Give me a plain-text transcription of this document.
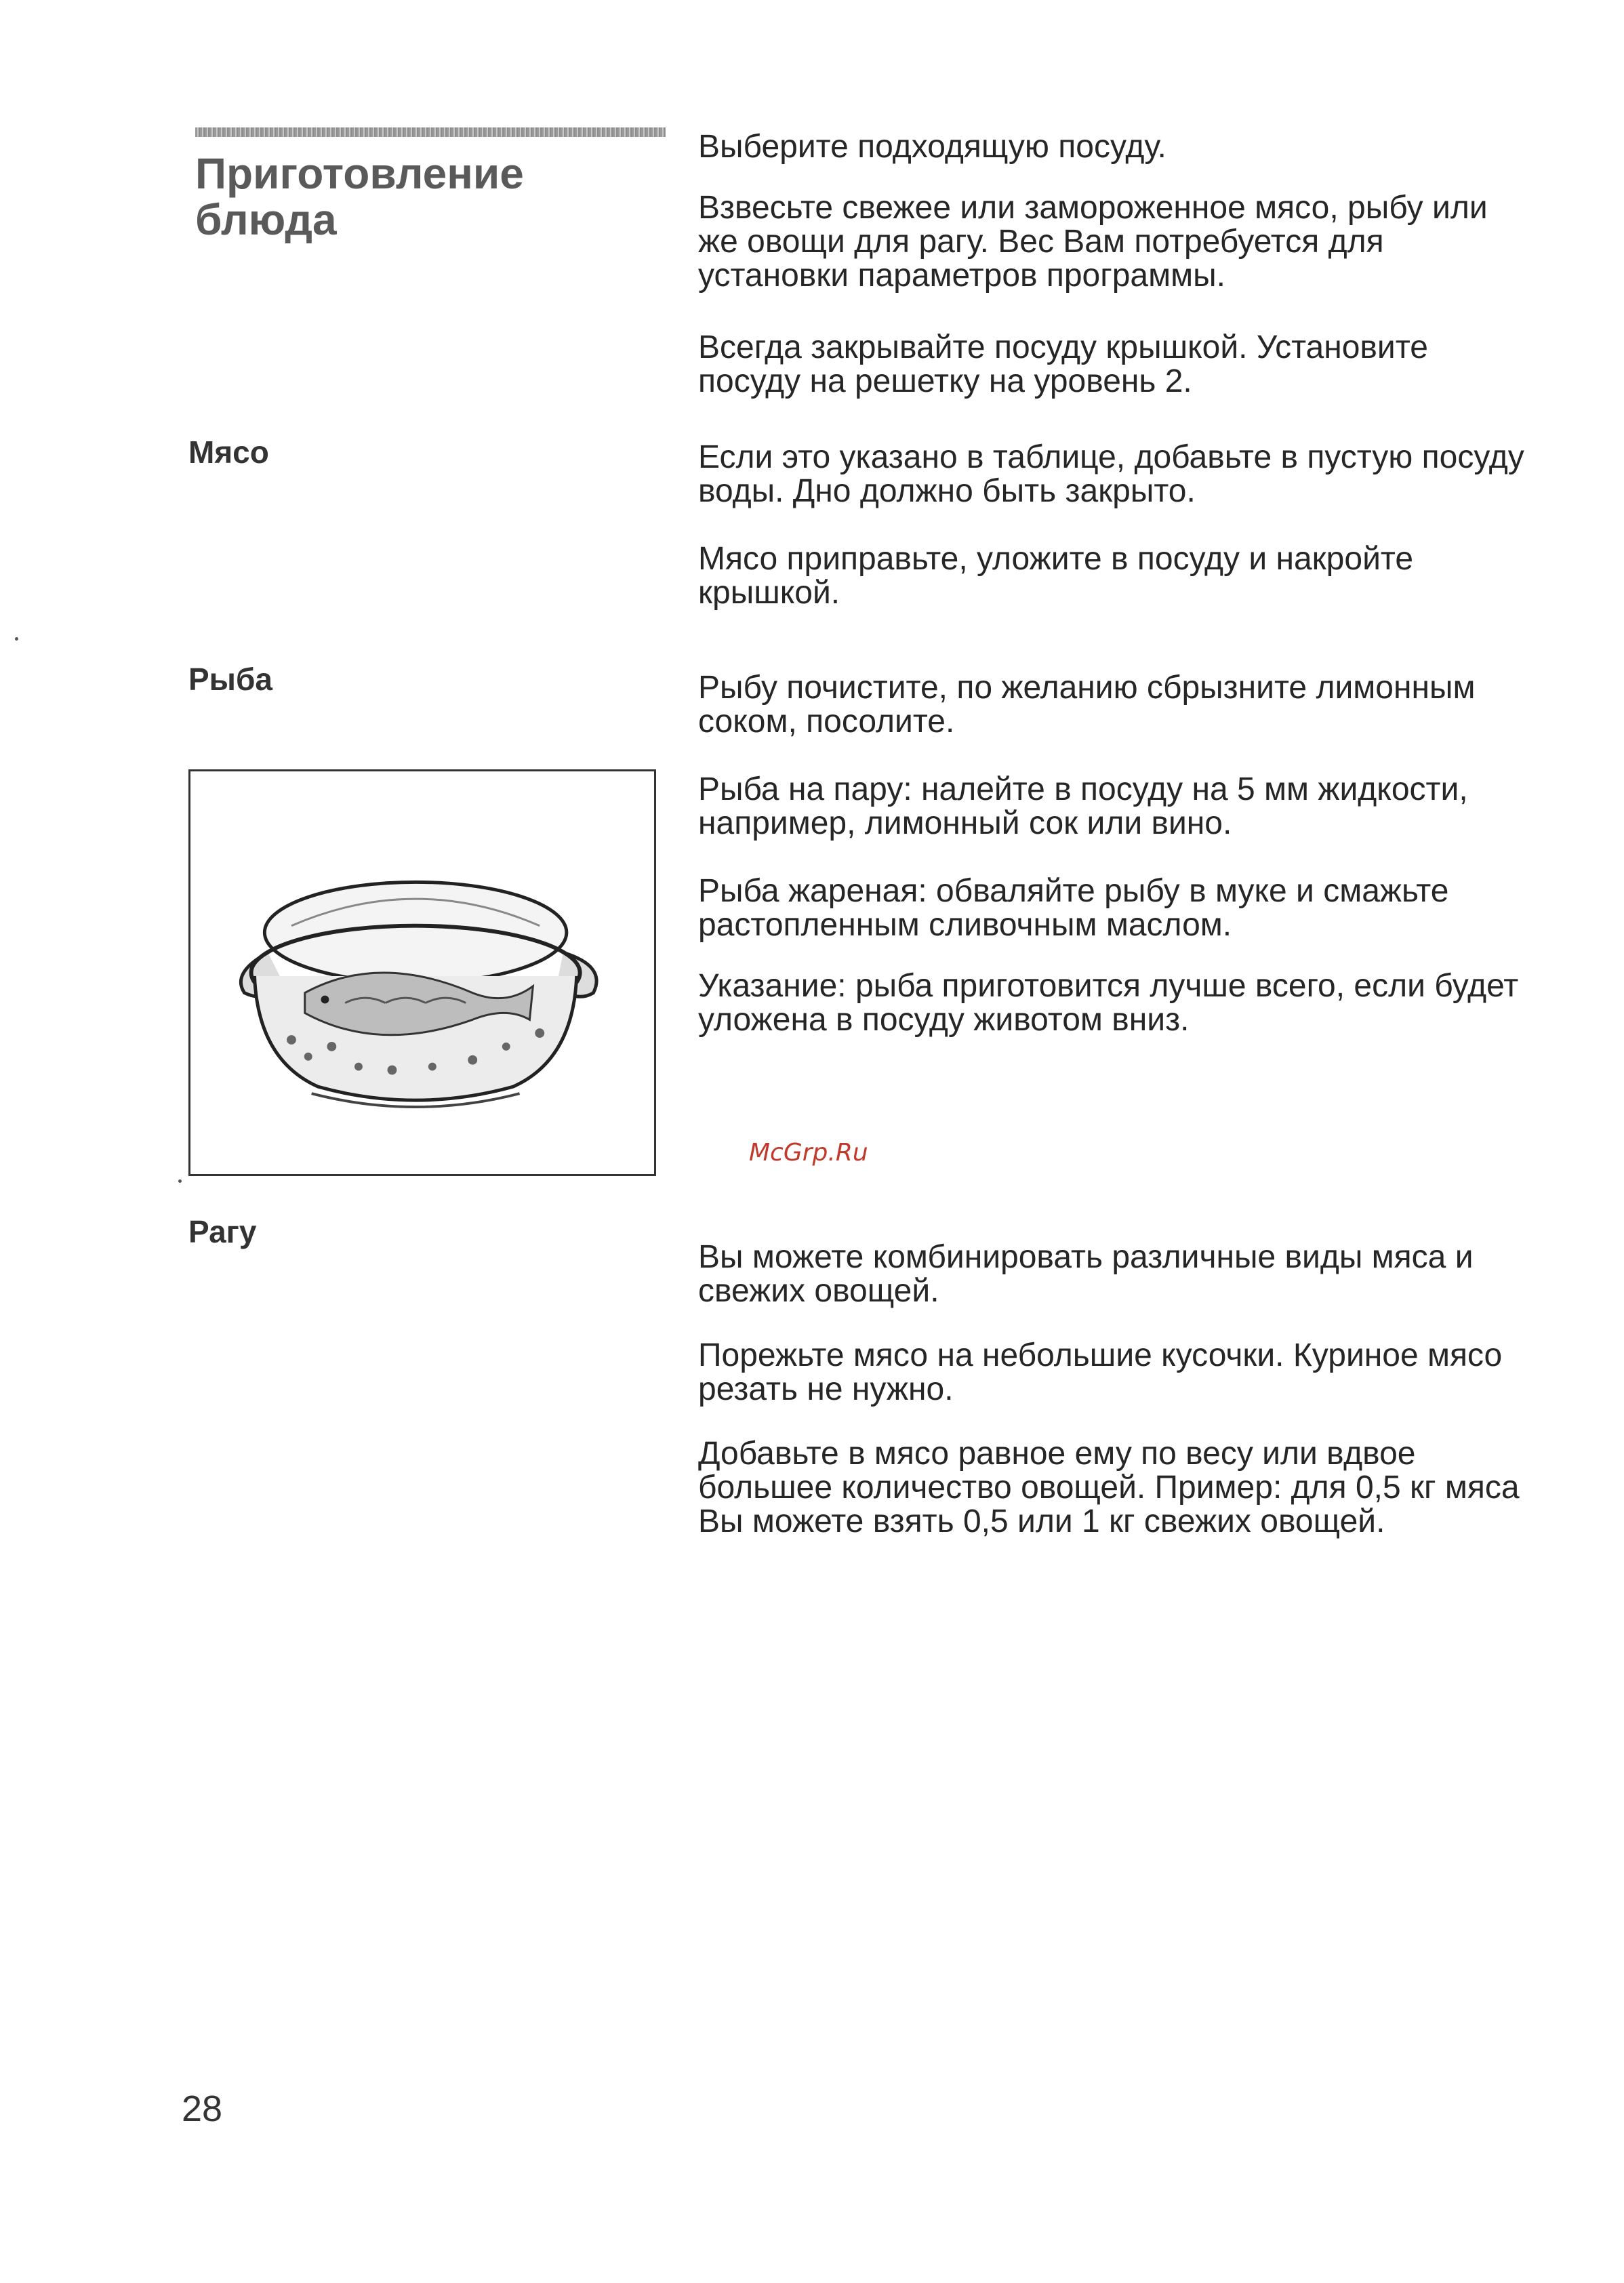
Приготовление блюда
Мясо
Рыба
Рагу

Выберите подходящую посуду.

Взвесьте свежее или замороженное мясо, рыбу или же овощи для рагу. Вес Вам потребуется для установки параметров программы.

Всегда закрывайте посуду крышкой. Установите посуду на решетку на уровень 2.

Если это указано в таблице, добавьте в пустую посуду воды. Дно должно быть закрыто.

Мясо приправьте, уложите в посуду и накройте крышкой.

Рыбу почистите, по желанию сбрызните лимонным соком, посолите.

Рыба на пару: налейте в посуду на 5 мм жидкости, например, лимонный сок или вино.

Рыба жареная: обваляйте рыбу в муке и смажьте растопленным сливочным маслом.

Указание: рыба приготовится лучше всего, если будет уложена в посуду животом вниз.

Вы можете комбинировать различные виды мяса и свежих овощей.

Порежьте мясо на небольшие кусочки. Куриное мясо резать не нужно.

Добавьте в мясо равное ему по весу или вдвое большее количество овощей. Пример: для 0,5 кг мяса Вы можете взять 0,5 или 1 кг свежих овощей.

McGrp.Ru
28
